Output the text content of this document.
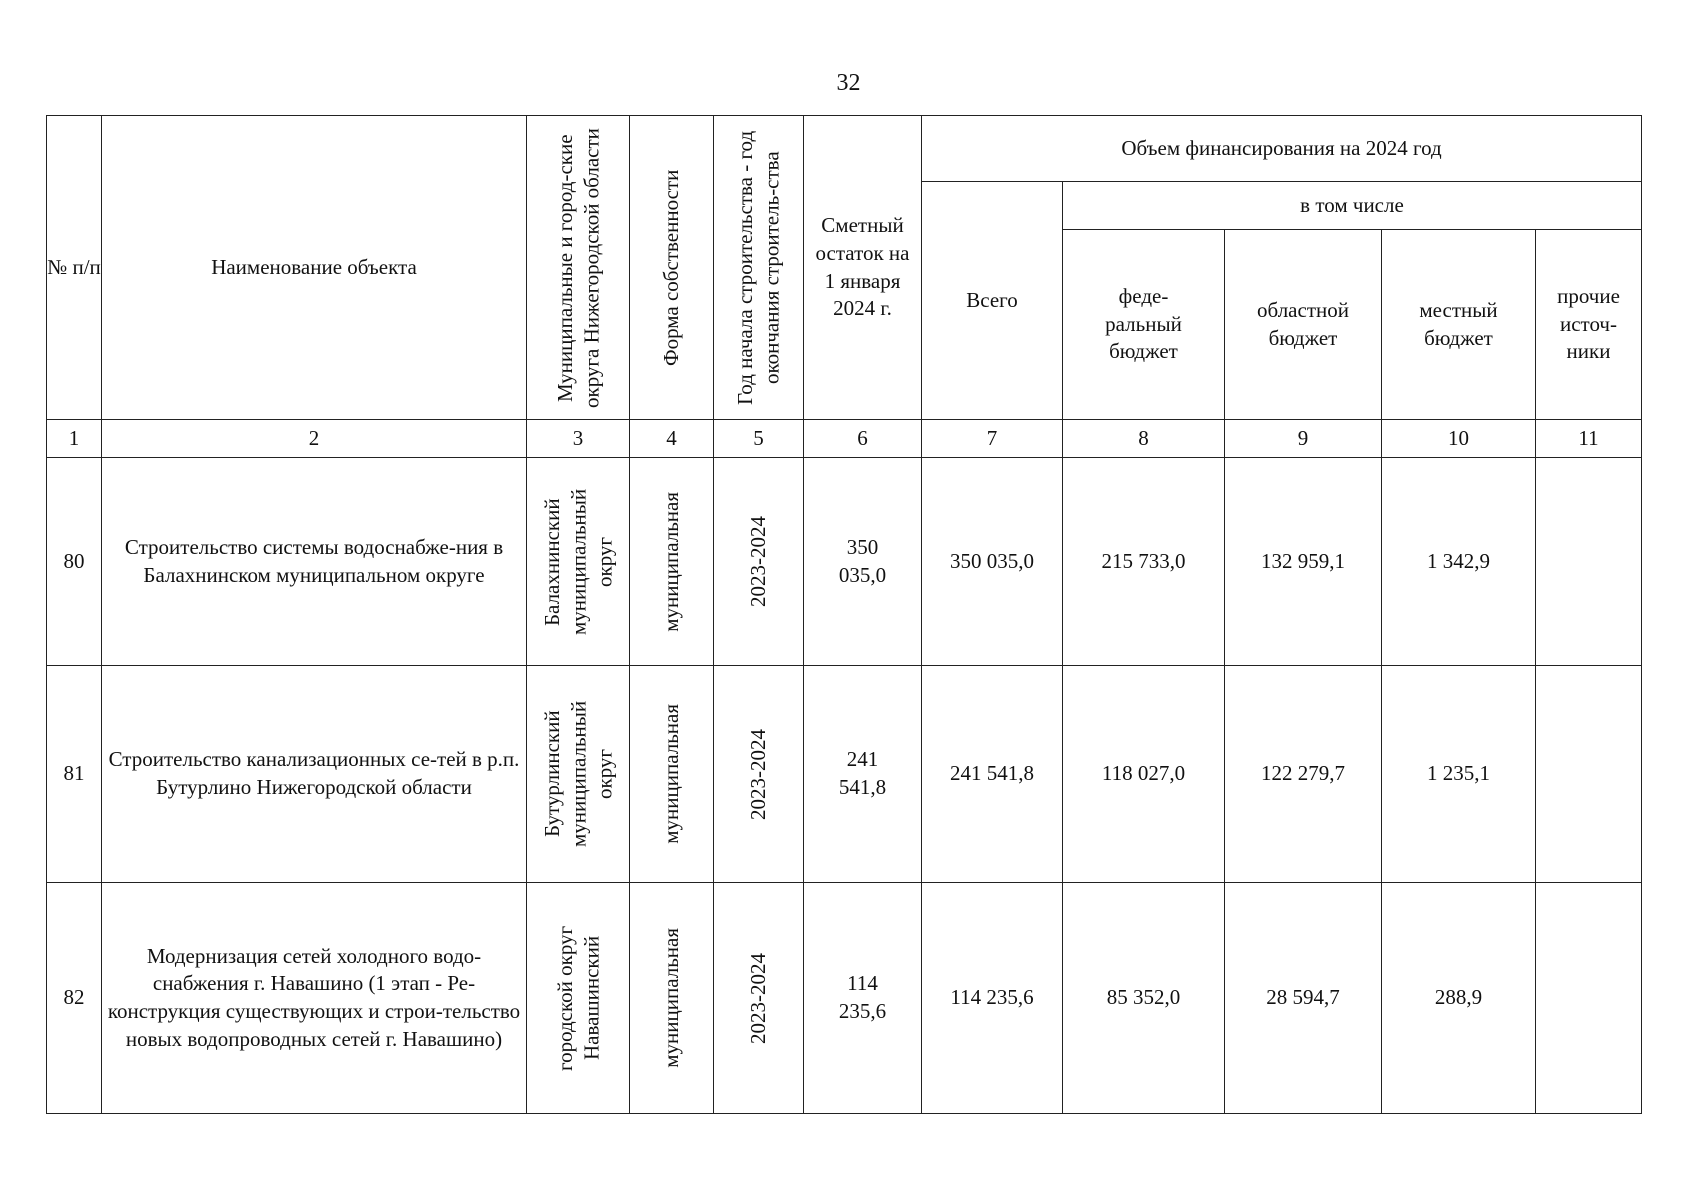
32
№ п/п	Наименование объекта	Муниципальные и город-ские округа Нижегородской области	Форма собственности	Год начала строительства - год окончания строитель-ства	Сметный остаток на 1 января 2024 г.	Объем финансирования на 2024 год				
						Всего	в том числе			
							феде-ральный бюджет	областной бюджет	местный бюджет	прочие источ-ники
1	2	3	4	5	6	7	8	9	10	11
80	Строительство системы водоснабже-ния в Балахнинском муниципальном округе	Балахнинский муниципальный округ	муниципальная	2023-2024	350 035,0	350 035,0	215 733,0	132 959,1	1 342,9	
81	Строительство канализационных се-тей в р.п. Бутурлино Нижегородской области	Бутурлинский муниципальный округ	муниципальная	2023-2024	241 541,8	241 541,8	118 027,0	122 279,7	1 235,1	
82	Модернизация сетей холодного водо-снабжения г. Навашино (1 этап - Ре-конструкция существующих и строи-тельство новых водопроводных сетей г. Навашино)	городской округ Навашинский	муниципальная	2023-2024	114 235,6	114 235,6	85 352,0	28 594,7	288,9	
